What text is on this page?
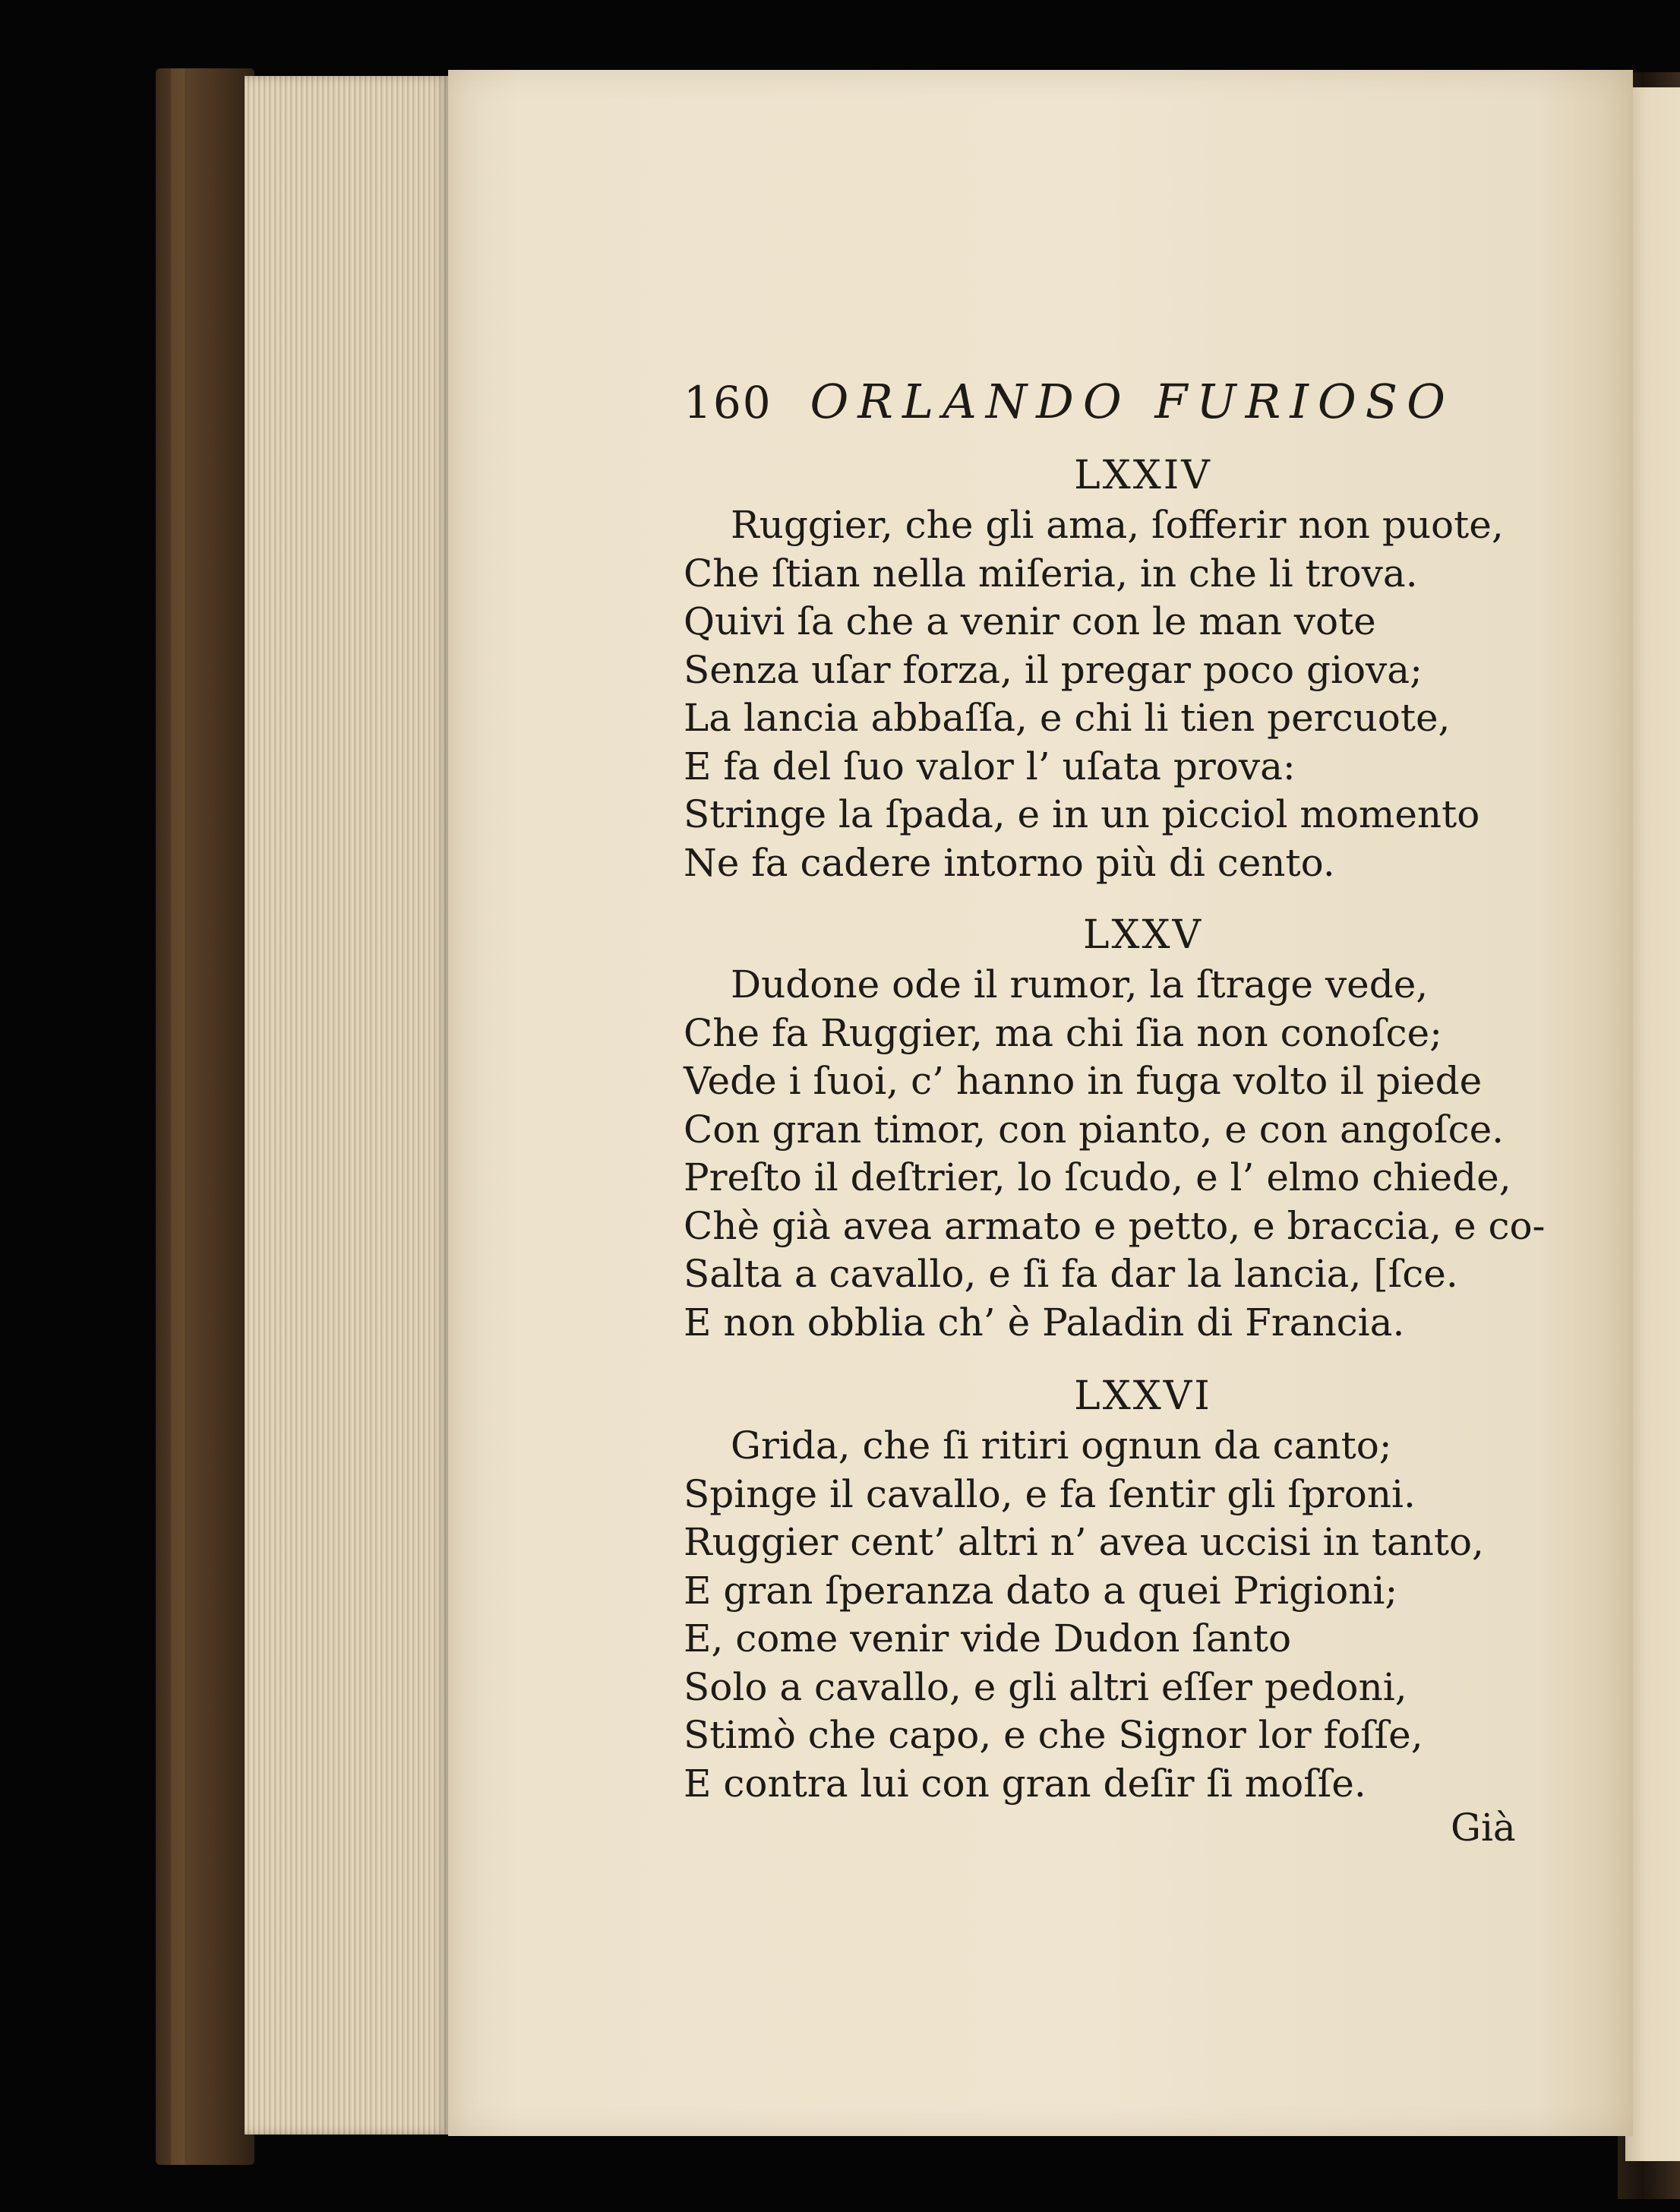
160 ORLANDO FURIOSO
LXXIV
Ruggier, che gli ama, ſofferir non puote,
Che ſtian nella miſeria, in che li trova.
Quivi ſa che a venir con le man vote
Senza uſar forza, il pregar poco giova;
La lancia abbaſſa, e chi li tien percuote,
E fa del ſuo valor l’ uſata prova:
Stringe la ſpada, e in un picciol momento
Ne fa cadere intorno più di cento.
LXXV
Dudone ode il rumor, la ſtrage vede,
Che fa Ruggier, ma chi ſia non conoſce;
Vede i ſuoi, c’ hanno in fuga volto il piede
Con gran timor, con pianto, e con angoſce.
Preſto il deſtrier, lo ſcudo, e l’ elmo chiede,
Chè già avea armato e petto, e braccia, e co-
Salta a cavallo, e ſi fa dar la lancia, [ſce.
E non obblia ch’ è Paladin di Francia.
LXXVI
Grida, che ſi ritiri ognun da canto;
Spinge il cavallo, e fa ſentir gli ſproni.
Ruggier cent’ altri n’ avea uccisi in tanto,
E gran ſperanza dato a quei Prigioni;
E, come venir vide Dudon ſanto
Solo a cavallo, e gli altri eſſer pedoni,
Stimò che capo, e che Signor lor foſſe,
E contra lui con gran deſir ſi moſſe.
Già
